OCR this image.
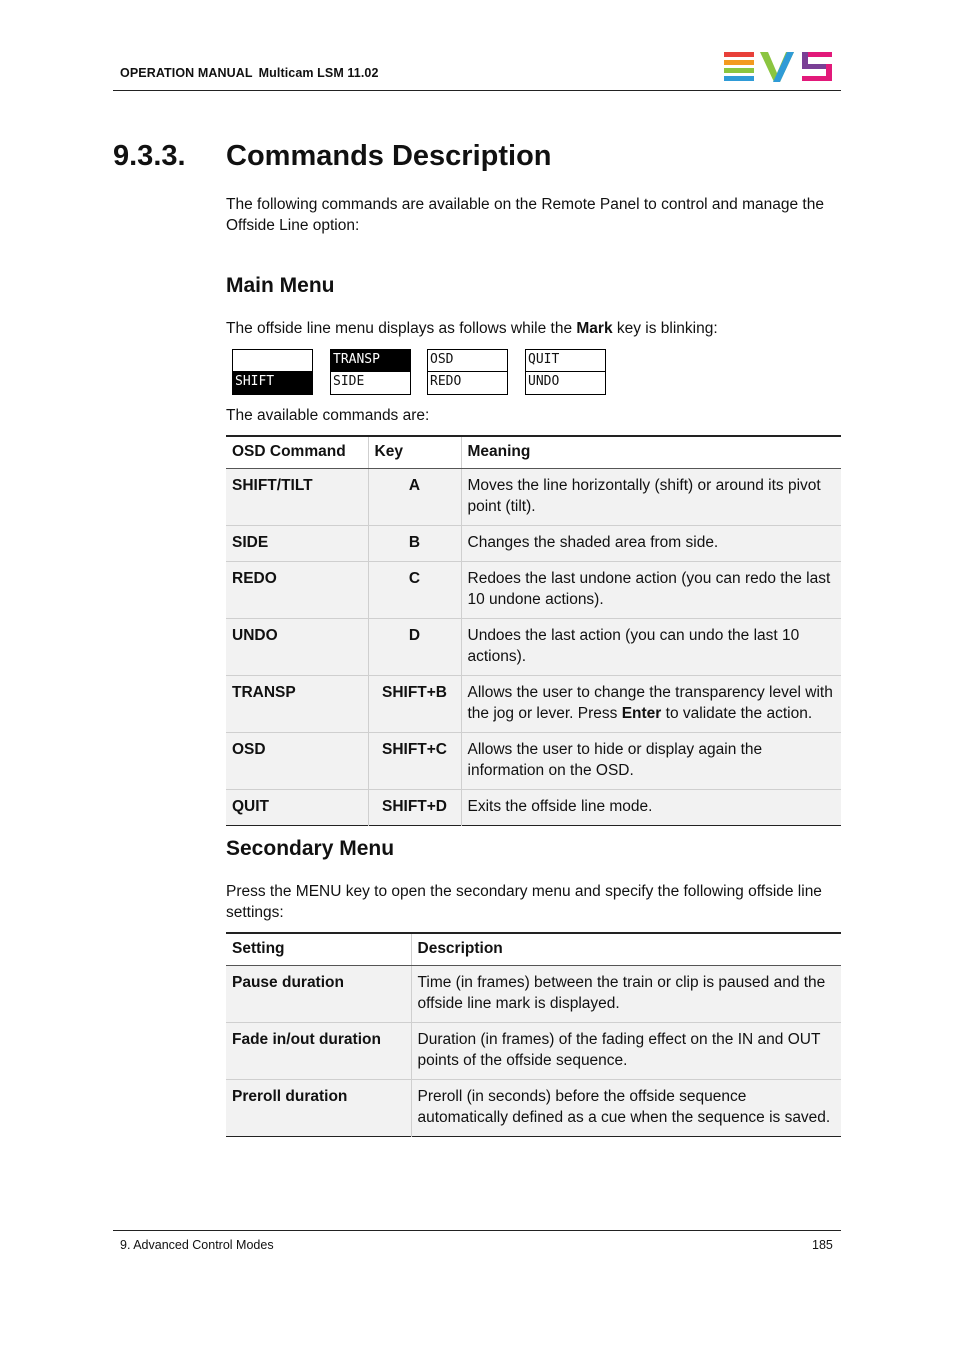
OPERATION MANUAL Multicam LSM 11.02
9.3.3. Commands Description
The following commands are available on the Remote Panel to control and manage the Offside Line option:
Main Menu
The offside line menu displays as follows while the Mark key is blinking:
SHIFT
TRANSP
SIDE
OSD
REDO
QUIT
UNDO
The available commands are:
OSD Command	Key	Meaning
SHIFT/TILT	A	Moves the line horizontally (shift) or around its pivot point (tilt).
SIDE	B	Changes the shaded area from side.
REDO	C	Redoes the last undone action (you can redo the last 10 undone actions).
UNDO	D	Undoes the last action (you can undo the last 10 actions).
TRANSP	SHIFT+B	Allows the user to change the transparency level with the jog or lever. Press Enter to validate the action.
OSD	SHIFT+C	Allows the user to hide or display again the information on the OSD.
QUIT	SHIFT+D	Exits the offside line mode.
Secondary Menu
Press the MENU key to open the secondary menu and specify the following offside line settings:
Setting	Description
Pause duration	Time (in frames) between the train or clip is paused and the offside line mark is displayed.
Fade in/out duration	Duration (in frames) of the fading effect on the IN and OUT points of the offside sequence.
Preroll duration	Preroll (in seconds) before the offside sequence automatically defined as a cue when the sequence is saved.
9. Advanced Control Modes	185
